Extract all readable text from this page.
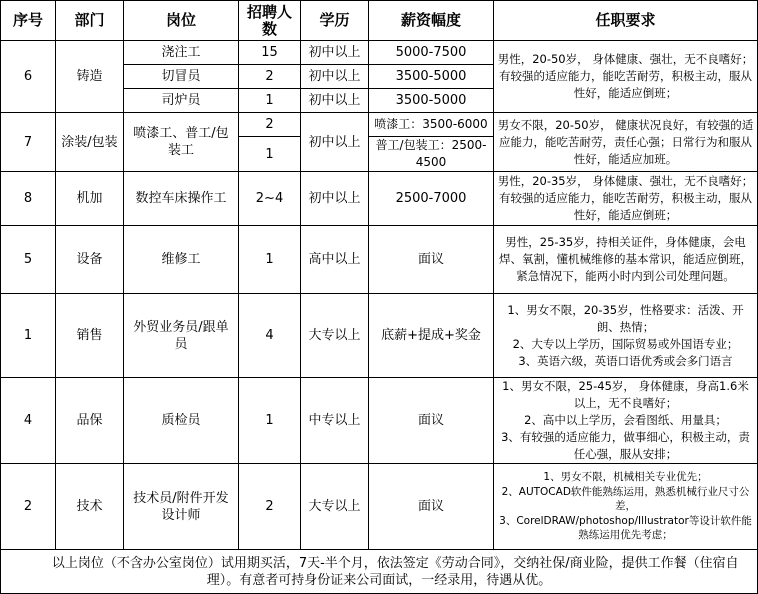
序号	部门	岗位	招聘人数	学历	薪资幅度	任职要求
6	铸造	浇注工	15	初中以上	5000-7500	男性，20-50岁， 身体健康、强壮，无不良嗜好；有较强的适应能力，能吃苦耐劳，积极主动，服从性好，能适应倒班；
		切冒员	2	初中以上	3500-5000	
		司炉员	1	初中以上	3500-5000	
7	涂装/包装	喷漆工、普工/包装工	2	初中以上	喷漆工：3500-6000	男女不限，20-50岁， 健康状况良好，有较强的适应能力，能吃苦耐劳，责任心强；日常行为和服从性好，能适应加班。
			1		普工/包装工：2500-4500	
8	机加	数控车床操作工	2~4	初中以上	2500-7000	男性，20-35岁， 身体健康、强壮，无不良嗜好；有较强的适应能力，能吃苦耐劳，积极主动，服从性好，能适应倒班；
5	设备	维修工	1	高中以上	面议	男性，25-35岁，持相关证件，身体健康，会电焊、氧割，懂机械维修的基本常识，能适应倒班，紧急情况下，能两小时内到公司处理问题。
1	销售	外贸业务员/跟单员	4	大专以上	底薪+提成+奖金	1、男女不限，20-35岁，性格要求：活泼、开朗、热情；
2、大专以上学历，国际贸易或外国语专业；
3、英语六级，英语口语优秀或会多门语言

4	品保	质检员	1	中专以上	面议	1、男女不限，25-45岁， 身体健康，身高1.6米以上，无不良嗜好；
2、高中以上学历，会看图纸、用量具；
3、有较强的适应能力，做事细心，积极主动，责任心强，服从安排；

2	技术	技术员/附件开发设计师	2	大专以上	面议	1、男女不限，机械相关专业优先；
2、AUTOCAD软件能熟练运用，熟悉机械行业尺寸公差，
3、CorelDRAW/photoshop/Illustrator等设计软件能熟练运用优先考虑；

以上岗位（不含办公室岗位）试用期买活，7天-半个月，依法签定《劳动合同》，交纳社保/商业险，提供工作餐（住宿自理）。有意者可持身份证来公司面试，一经录用，待遇从优。						
